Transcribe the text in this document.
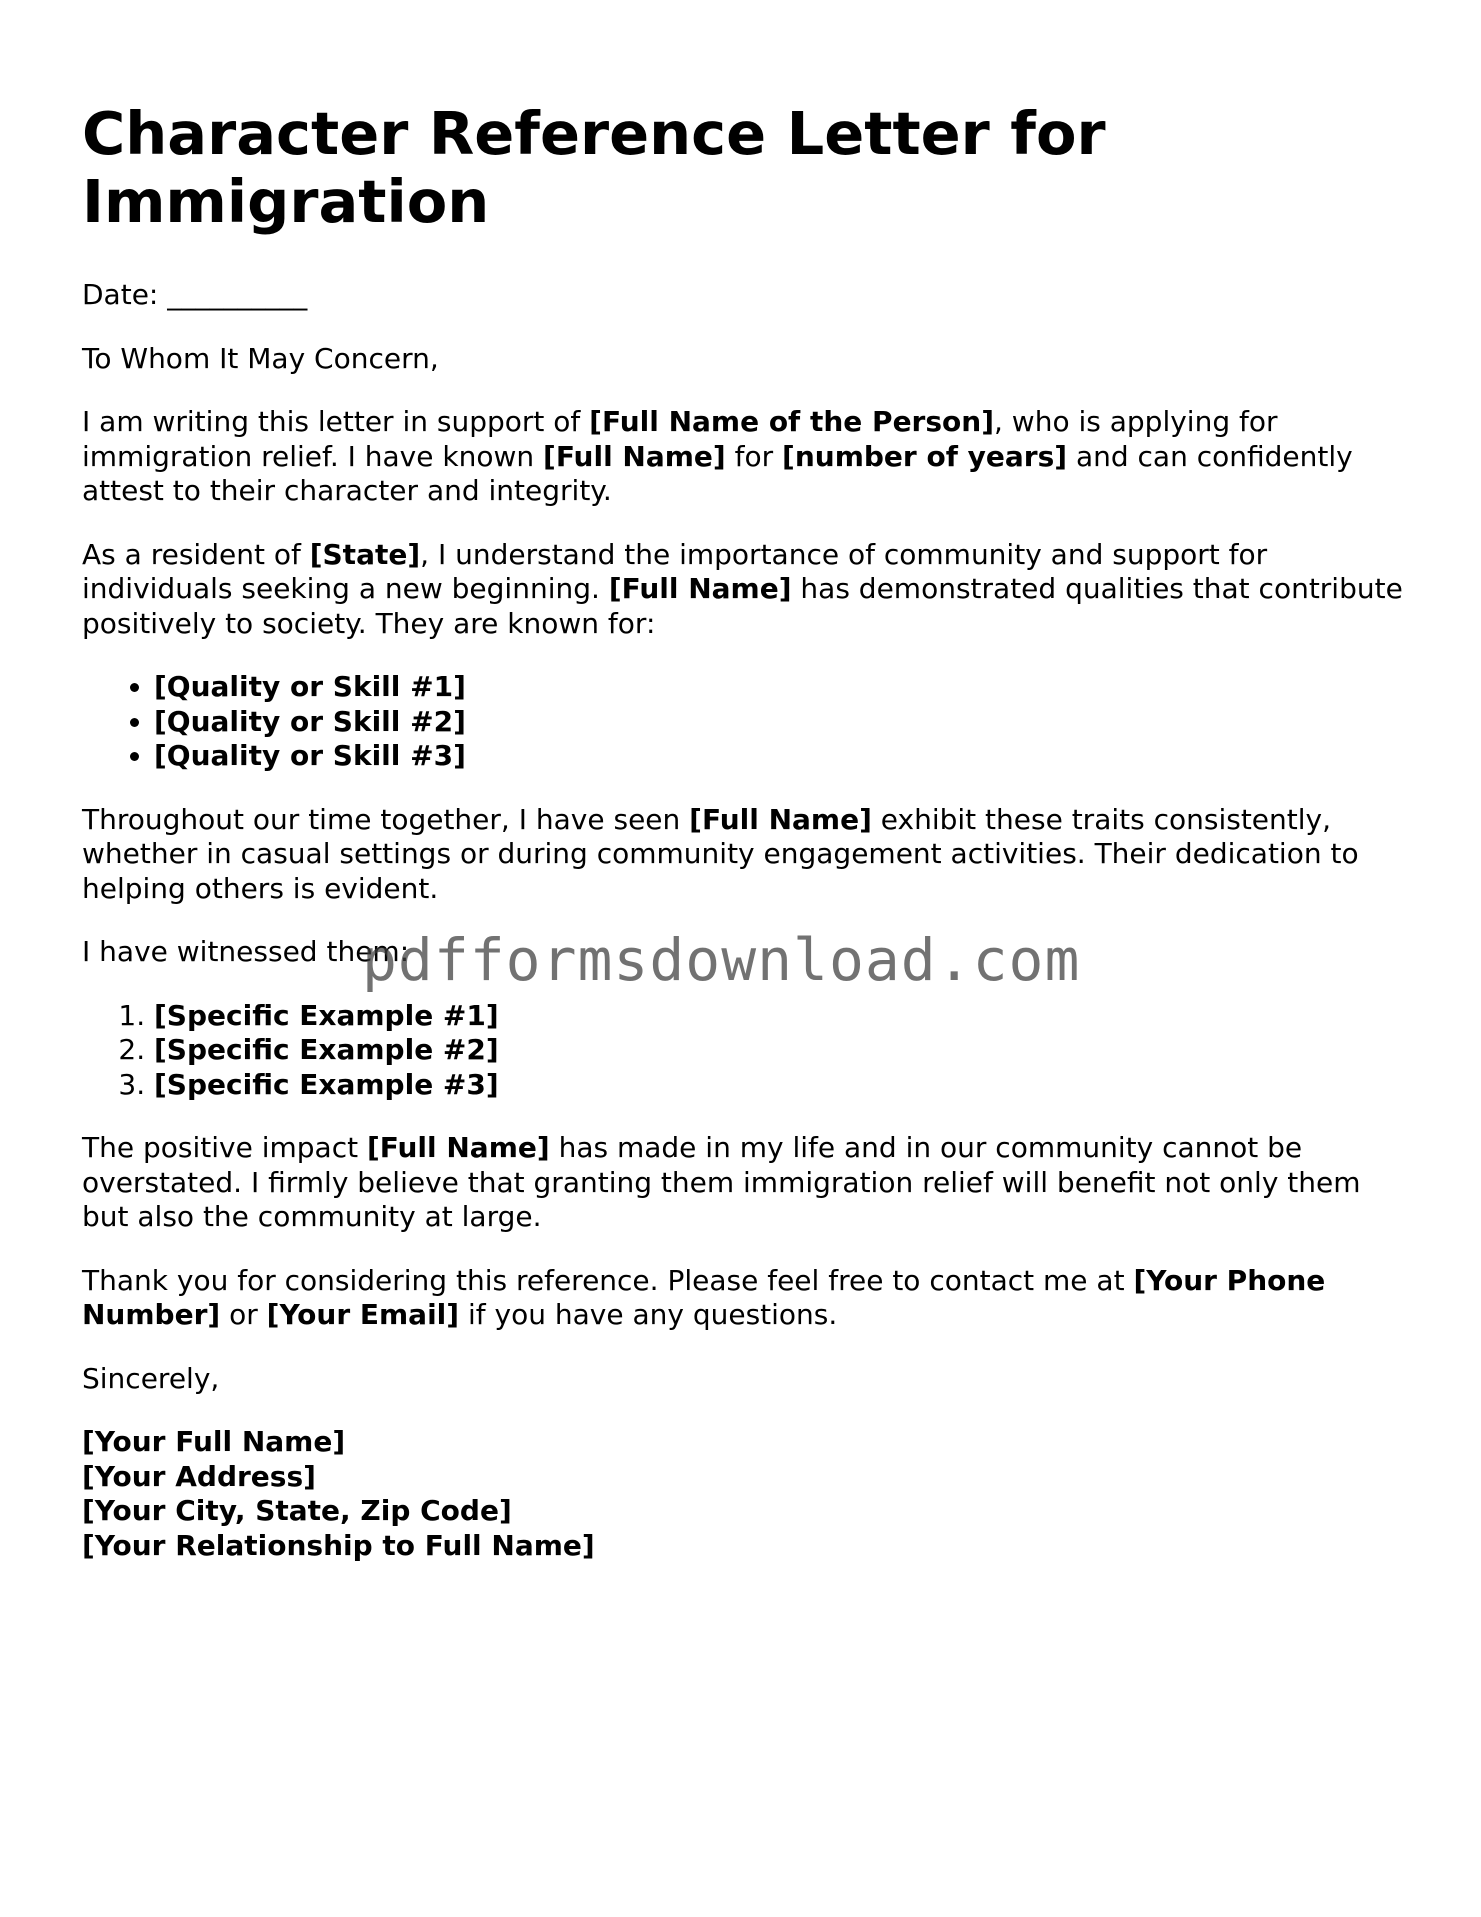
Character Reference Letter for Immigration

Date: __________

To Whom It May Concern,

I am writing this letter in support of [Full Name of the Person], who is applying for immigration relief. I have known [Full Name] for [number of years] and can confidently attest to their character and integrity.

As a resident of [State], I understand the importance of community and support for individuals seeking a new beginning. [Full Name] has demonstrated qualities that contribute positively to society. They are known for:

• [Quality or Skill #1]
• [Quality or Skill #2]
• [Quality or Skill #3]

Throughout our time together, I have seen [Full Name] exhibit these traits consistently, whether in casual settings or during community engagement activities. Their dedication to helping others is evident.

I have witnessed them:

1. [Specific Example #1]
2. [Specific Example #2]
3. [Specific Example #3]

The positive impact [Full Name] has made in my life and in our community cannot be overstated. I firmly believe that granting them immigration relief will benefit not only them but also the community at large.

Thank you for considering this reference. Please feel free to contact me at [Your Phone Number] or [Your Email] if you have any questions.

Sincerely,

[Your Full Name]
[Your Address]
[Your City, State, Zip Code]
[Your Relationship to Full Name]
pdfformsdownload.com
